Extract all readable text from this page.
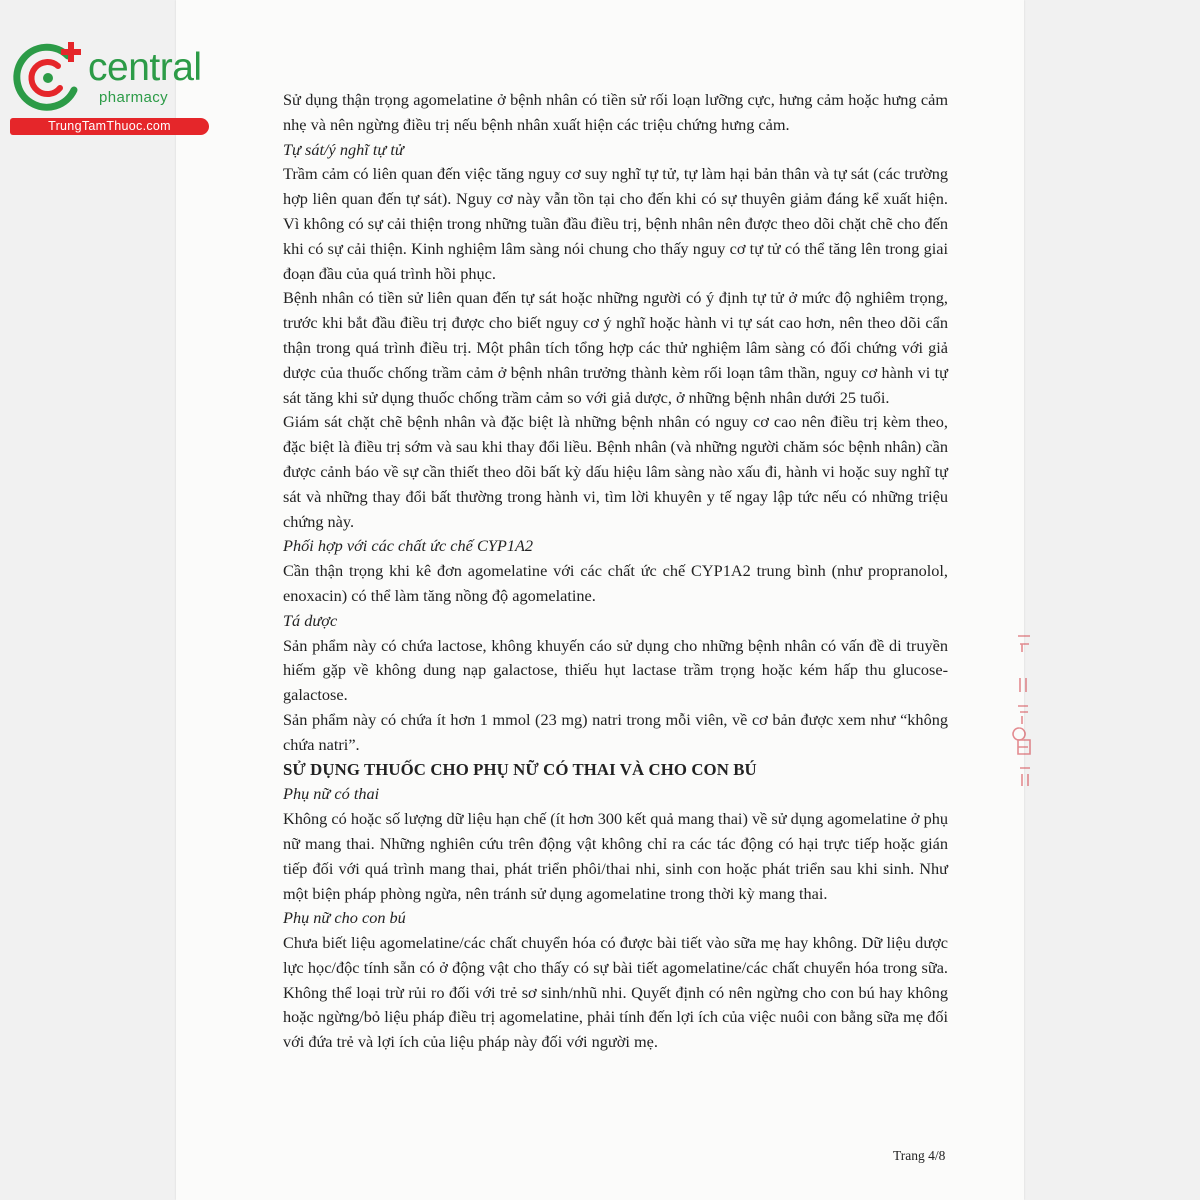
central
pharmacy
TrungTamThuoc.com

Sử dụng thận trọng agomelatine ở bệnh nhân có tiền sử rối loạn lưỡng cực, hưng cảm hoặc hưng cảm nhẹ và nên ngừng điều trị nếu bệnh nhân xuất hiện các triệu chứng hưng cảm.

Tự sát/ý nghĩ tự tử

Trầm cảm có liên quan đến việc tăng nguy cơ suy nghĩ tự tử, tự làm hại bản thân và tự sát (các trường hợp liên quan đến tự sát). Nguy cơ này vẫn tồn tại cho đến khi có sự thuyên giảm đáng kể xuất hiện. Vì không có sự cải thiện trong những tuần đầu điều trị, bệnh nhân nên được theo dõi chặt chẽ cho đến khi có sự cải thiện. Kinh nghiệm lâm sàng nói chung cho thấy nguy cơ tự tử có thể tăng lên trong giai đoạn đầu của quá trình hồi phục.

Bệnh nhân có tiền sử liên quan đến tự sát hoặc những người có ý định tự tử ở mức độ nghiêm trọng, trước khi bắt đầu điều trị được cho biết nguy cơ ý nghĩ hoặc hành vi tự sát cao hơn, nên theo dõi cẩn thận trong quá trình điều trị. Một phân tích tổng hợp các thử nghiệm lâm sàng có đối chứng với giả dược của thuốc chống trầm cảm ở bệnh nhân trưởng thành kèm rối loạn tâm thần, nguy cơ hành vi tự sát tăng khi sử dụng thuốc chống trầm cảm so với giả dược, ở những bệnh nhân dưới 25 tuổi.

Giám sát chặt chẽ bệnh nhân và đặc biệt là những bệnh nhân có nguy cơ cao nên điều trị kèm theo, đặc biệt là điều trị sớm và sau khi thay đổi liều. Bệnh nhân (và những người chăm sóc bệnh nhân) cần được cảnh báo về sự cần thiết theo dõi bất kỳ dấu hiệu lâm sàng nào xấu đi, hành vi hoặc suy nghĩ tự sát và những thay đổi bất thường trong hành vi, tìm lời khuyên y tế ngay lập tức nếu có những triệu chứng này.

Phối hợp với các chất ức chế CYP1A2

Cần thận trọng khi kê đơn agomelatine với các chất ức chế CYP1A2 trung bình (như propranolol, enoxacin) có thể làm tăng nồng độ agomelatine.

Tá dược

Sản phẩm này có chứa lactose, không khuyến cáo sử dụng cho những bệnh nhân có vấn đề di truyền hiếm gặp về không dung nạp galactose, thiếu hụt lactase trầm trọng hoặc kém hấp thu glucose-galactose.

Sản phẩm này có chứa ít hơn 1 mmol (23 mg) natri trong mỗi viên, về cơ bản được xem như “không chứa natri”.

SỬ DỤNG THUỐC CHO PHỤ NỮ CÓ THAI VÀ CHO CON BÚ

Phụ nữ có thai

Không có hoặc số lượng dữ liệu hạn chế (ít hơn 300 kết quả mang thai) về sử dụng agomelatine ở phụ nữ mang thai. Những nghiên cứu trên động vật không chỉ ra các tác động có hại trực tiếp hoặc gián tiếp đối với quá trình mang thai, phát triển phôi/thai nhi, sinh con hoặc phát triển sau khi sinh. Như một biện pháp phòng ngừa, nên tránh sử dụng agomelatine trong thời kỳ mang thai.

Phụ nữ cho con bú

Chưa biết liệu agomelatine/các chất chuyển hóa có được bài tiết vào sữa mẹ hay không. Dữ liệu dược lực học/độc tính sẵn có ở động vật cho thấy có sự bài tiết agomelatine/các chất chuyển hóa trong sữa. Không thể loại trừ rủi ro đối với trẻ sơ sinh/nhũ nhi. Quyết định có nên ngừng cho con bú hay không hoặc ngừng/bỏ liệu pháp điều trị agomelatine, phải tính đến lợi ích của việc nuôi con bằng sữa mẹ đối với đứa trẻ và lợi ích của liệu pháp này đối với người mẹ.

Trang 4/8
